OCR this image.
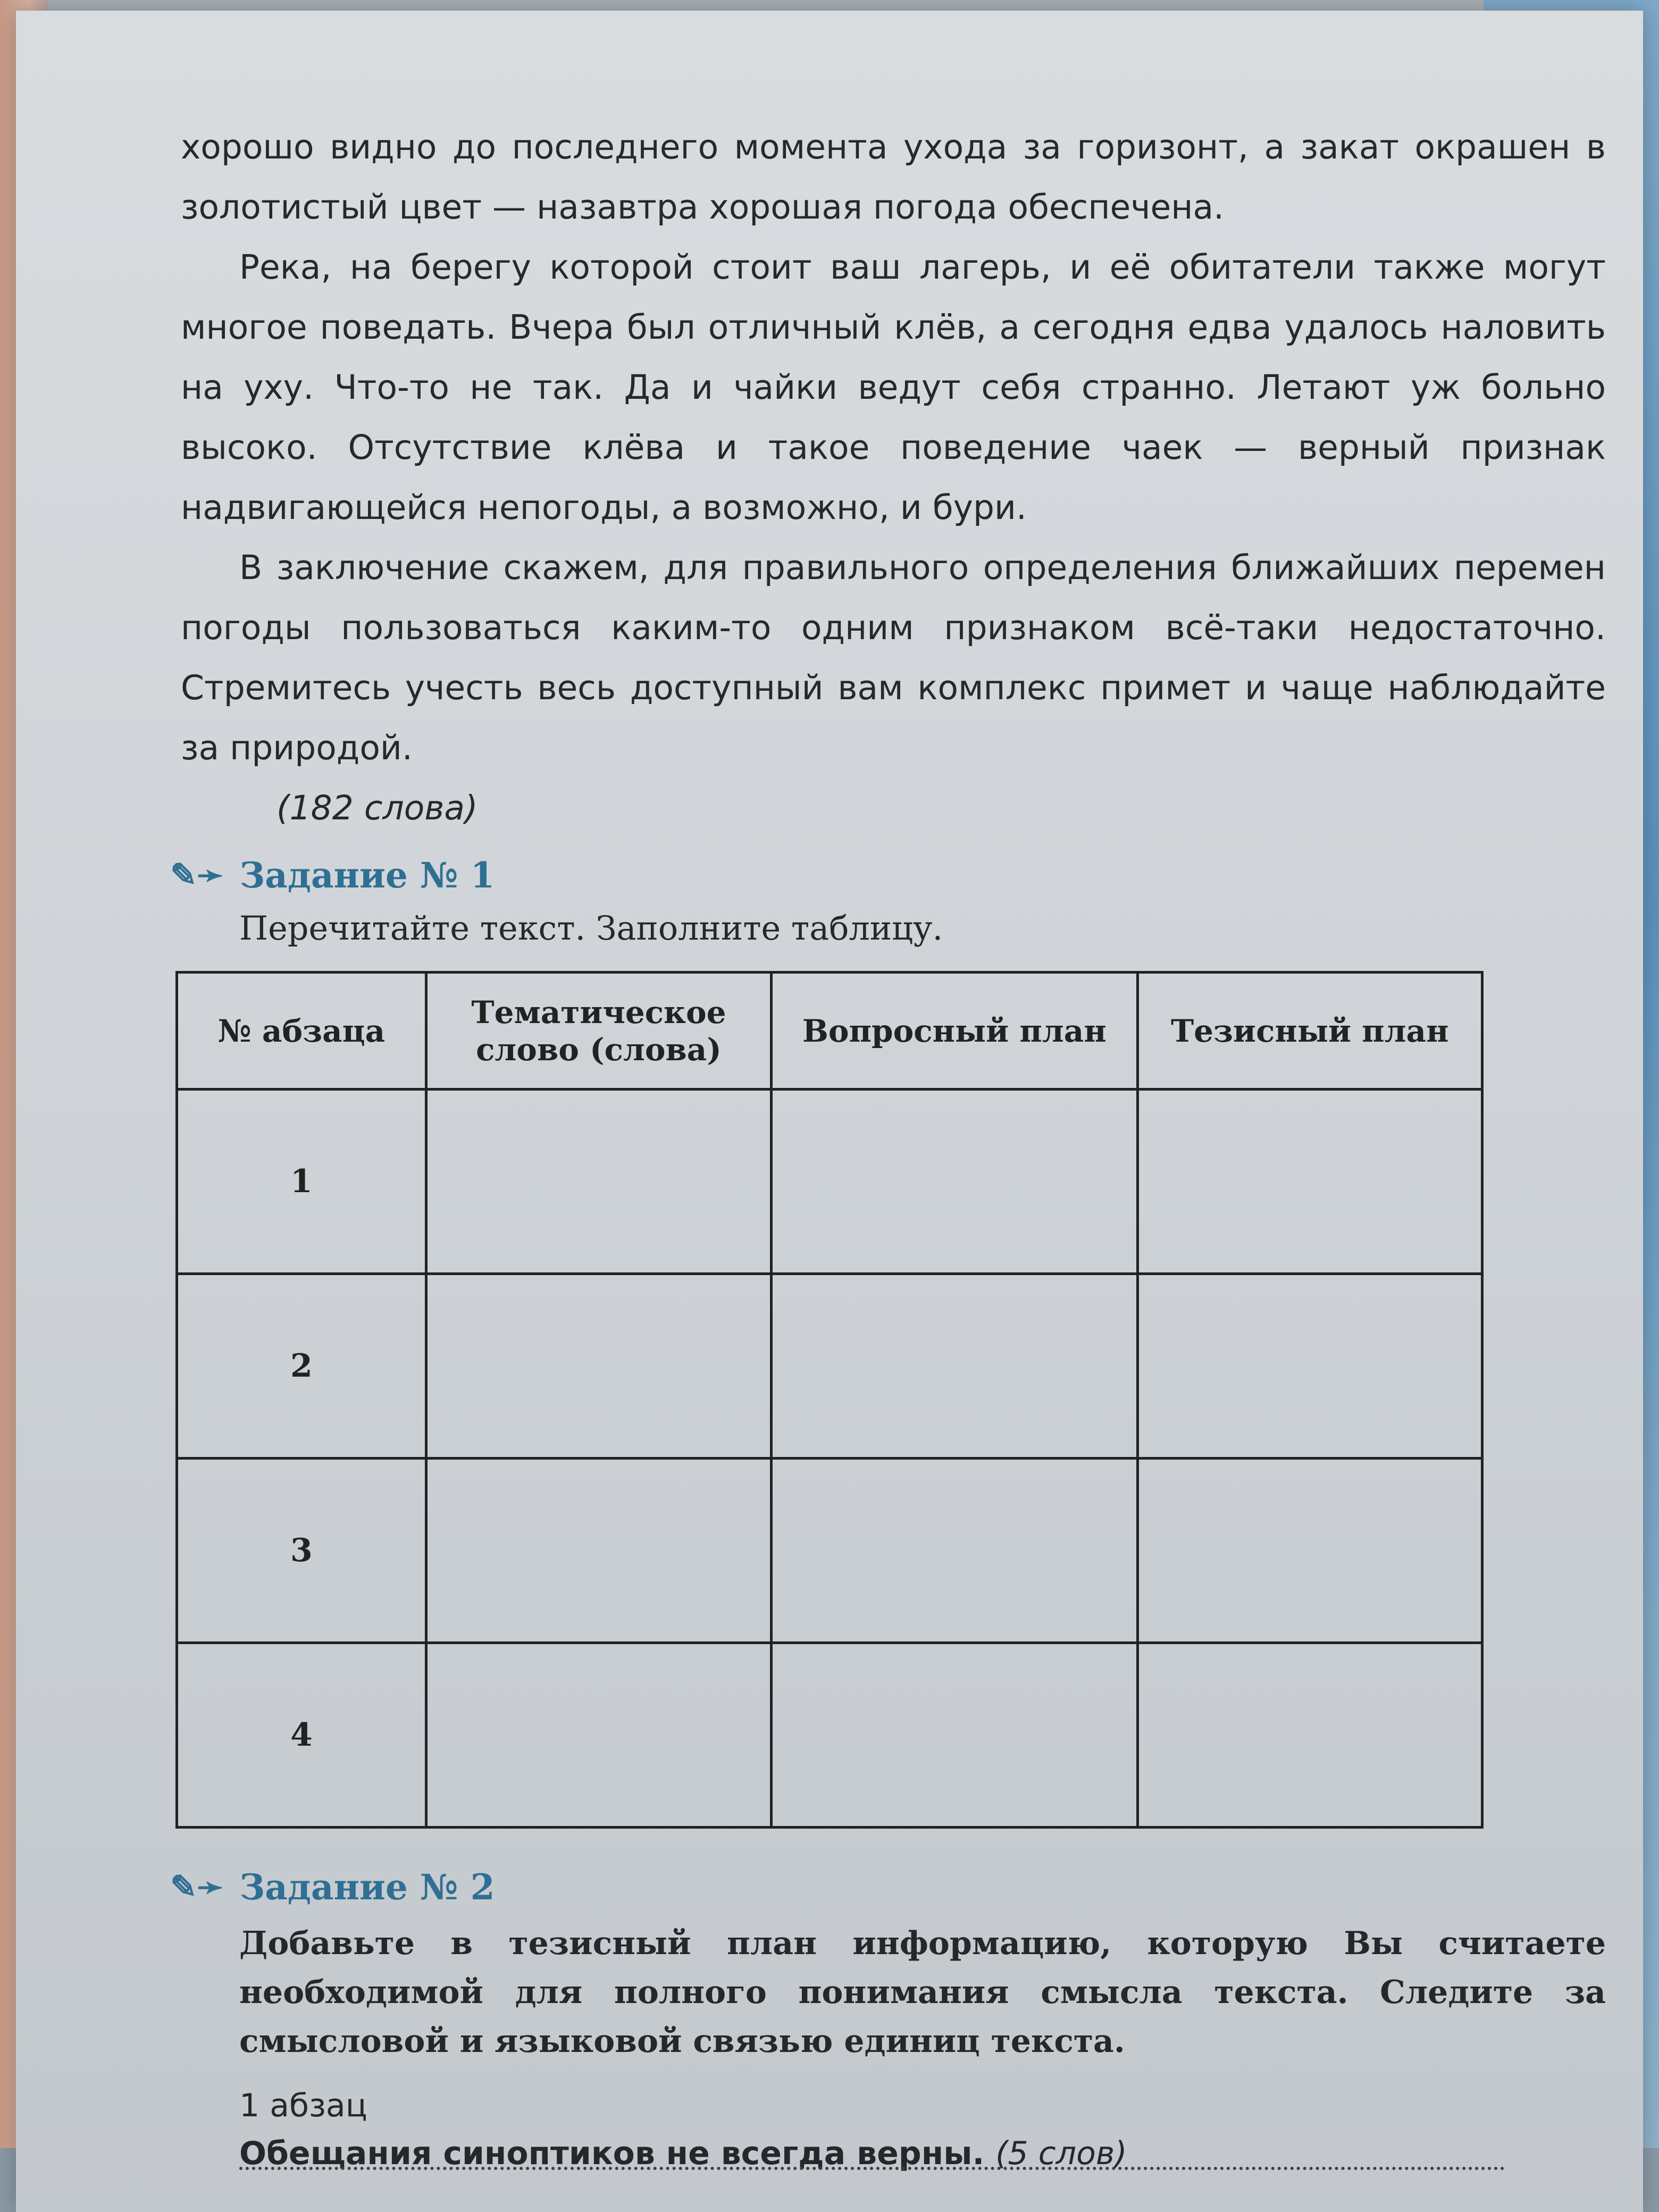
хорошо видно до последнего момента ухода за горизонт, а закат окрашен в золотистый цвет — назавтра хорошая погода обеспечена.

Река, на берегу которой стоит ваш лагерь, и её обитатели также могут многое поведать. Вчера был отличный клёв, а сегодня едва удалось наловить на уху. Что-то не так. Да и чайки ведут себя странно. Летают уж больно высоко. Отсутствие клёва и такое поведение чаек — верный признак надвигающейся непогоды, а возможно, и бури.

В заключение скажем, для правильного определения ближайших перемен погоды пользоваться каким-то одним признаком всё-таки недостаточно. Стремитесь учесть весь доступный вам комплекс примет и чаще наблюдайте за природой.

(182 слова)

✎➛ Задание № 1

Перечитайте текст. Заполните таблицу.

№ абзаца	Тематическое слово (слова)	Вопросный план	Тезисный план
1			
2			
3			
4			
✎➛ Задание № 2

Добавьте в тезисный план информацию, которую Вы считаете необходимой для полного понимания смысла текста. Следите за смысловой и языковой связью единиц текста.

1 абзац

Обещания синоптиков не всегда верны. (5 слов)
